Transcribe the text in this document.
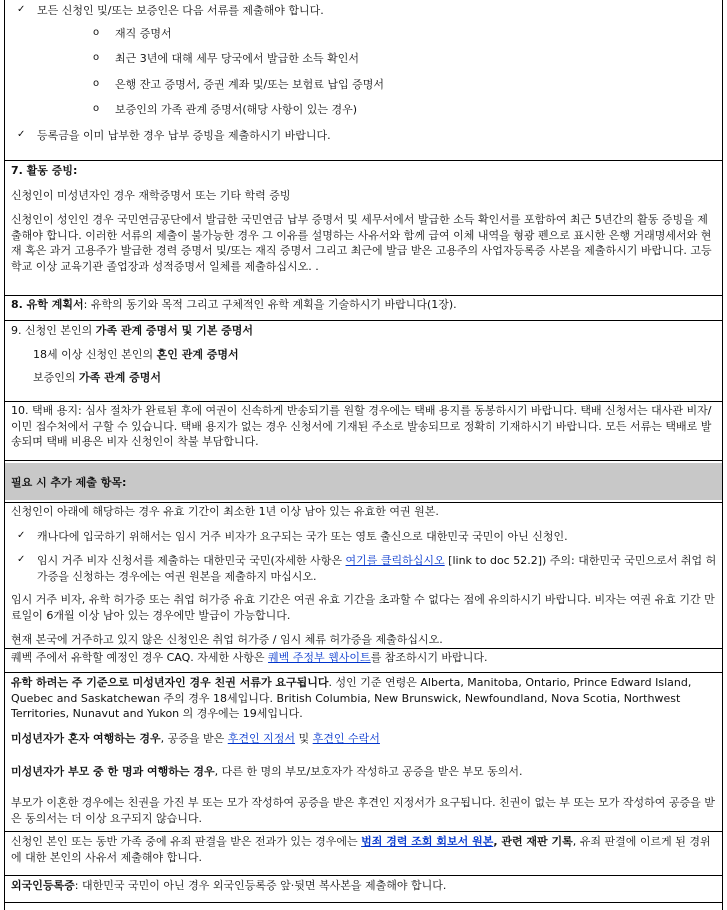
✓ 모든 신청인 및/또는 보증인은 다음 서류를 제출해야 합니다.

o 재직 증명서

o 최근 3년에 대해 세무 당국에서 발급한 소득 확인서

o 은행 잔고 증명서, 증권 계좌 및/또는 보험료 납입 증명서

o 보증인의 가족 관계 증명서(해당 사항이 있는 경우)

✓ 등록금을 이미 납부한 경우 납부 증빙을 제출하시기 바랍니다.

7. 활동 증빙:

신청인이 미성년자인 경우 재학증명서 또는 기타 학력 증빙

신청인이 성인인 경우 국민연금공단에서 발급한 국민연금 납부 증명서 및 세무서에서 발급한 소득 확인서를 포함하여 최근 5년간의 활동 증빙을 제출해야 합니다. 이러한 서류의 제출이 불가능한 경우 그 이유를 설명하는 사유서와 함께 급여 이체 내역을 형광 펜으로 표시한 은행 거래명세서와 현재 혹은 과거 고용주가 발급한 경력 증명서 및/또는 재직 증명서 그리고 최근에 발급 받은 고용주의 사업자등록증 사본을 제출하시기 바랍니다. 고등학교 이상 교육기관 졸업장과 성적증명서 일체를 제출하십시오. .

8. 유학 계획서: 유학의 동기와 목적 그리고 구체적인 유학 계획을 기술하시기 바랍니다(1장).

9. 신청인 본인의 가족 관계 증명서 및 기본 증명서

18세 이상 신청인 본인의 혼인 관계 증명서

보증인의 가족 관계 증명서

10. 택배 용지: 심사 절차가 완료된 후에 여권이 신속하게 반송되기를 원할 경우에는 택배 용지를 동봉하시기 바랍니다. 택배 신청서는 대사관 비자/이민 접수처에서 구할 수 있습니다. 택배 용지가 없는 경우 신청서에 기재된 주소로 발송되므로 정확히 기재하시기 바랍니다. 모든 서류는 택배로 발송되며 택배 비용은 비자 신청인이 착불 부담합니다.

필요 시 추가 제출 항목:

신청인이 아래에 해당하는 경우 유효 기간이 최소한 1년 이상 남아 있는 유효한 여권 원본.

✓ 캐나다에 입국하기 위해서는 임시 거주 비자가 요구되는 국가 또는 영토 출신으로 대한민국 국민이 아닌 신청인.

✓ 임시 거주 비자 신청서를 제출하는 대한민국 국민(자세한 사항은 여기를 클릭하십시오 [link to doc 52.2]) 주의: 대한민국 국민으로서 취업 허가증을 신청하는 경우에는 여권 원본을 제출하지 마십시오.

임시 거주 비자, 유학 허가증 또는 취업 허가증 유효 기간은 여권 유효 기간을 초과할 수 없다는 점에 유의하시기 바랍니다. 비자는 여권 유효 기간 만료일이 6개월 이상 남아 있는 경우에만 발급이 가능합니다.

현재 본국에 거주하고 있지 않은 신청인은 취업 허가증 / 임시 체류 허가증을 제출하십시오.

퀘벡 주에서 유학할 예정인 경우 CAQ. 자세한 사항은 퀘벡 주정부 웹사이트를 참조하시기 바랍니다.

유학 하려는 주 기준으로 미성년자인 경우 친권 서류가 요구됩니다. 성인 기준 연령은 Alberta, Manitoba, Ontario, Prince Edward Island, Quebec and Saskatchewan 주의 경우 18세입니다. British Columbia, New Brunswick, Newfoundland, Nova Scotia, Northwest Territories, Nunavut and Yukon 의 경우에는 19세입니다.

미성년자가 혼자 여행하는 경우, 공증을 받은 후견인 지정서 및 후견인 수락서

미성년자가 부모 중 한 명과 여행하는 경우, 다른 한 명의 부모/보호자가 작성하고 공증을 받은 부모 동의서.

부모가 이혼한 경우에는 친권을 가진 부 또는 모가 작성하여 공증을 받은 후견인 지정서가 요구됩니다. 친권이 없는 부 또는 모가 작성하여 공증을 받은 동의서는 더 이상 요구되지 않습니다.

신청인 본인 또는 동반 가족 중에 유죄 판결을 받은 전과가 있는 경우에는 범죄 경력 조회 회보서 원본, 관련 재판 기록, 유죄 판결에 이르게 된 경위에 대한 본인의 사유서 제출해야 합니다.

외국인등록증: 대한민국 국민이 아닌 경우 외국인등록증 앞·뒷면 복사본을 제출해야 합니다.
